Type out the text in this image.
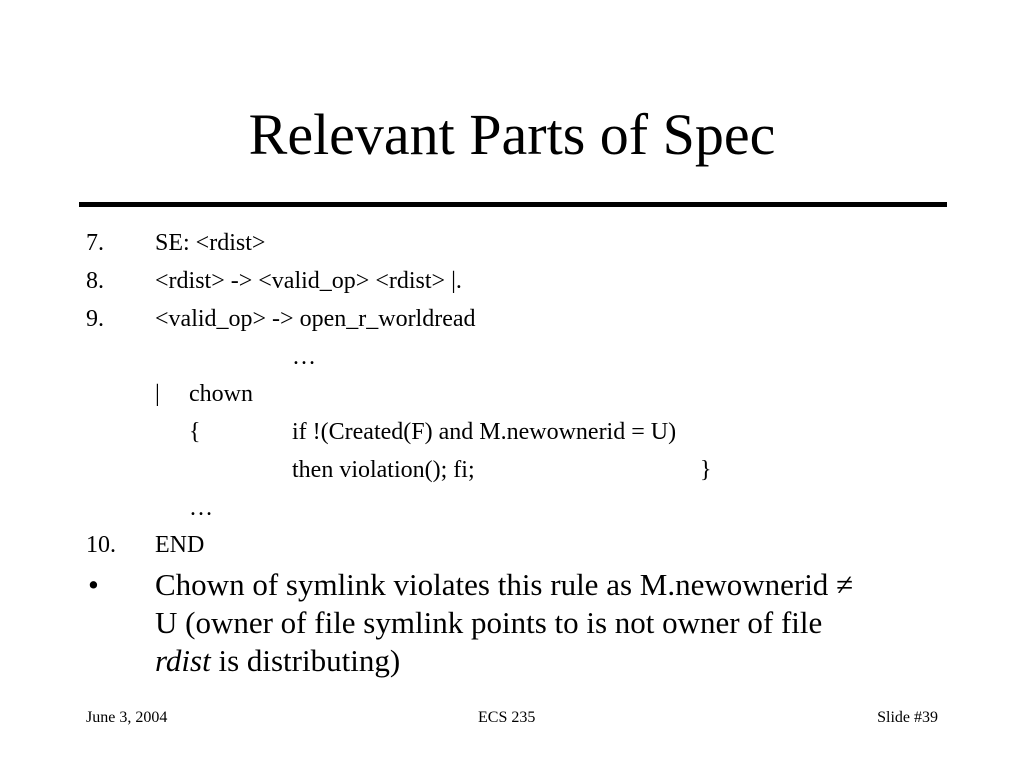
Relevant Parts of Spec
7. SE: <rdist>
8. <rdist> -> <valid_op> <rdist> |.
9. <valid_op> -> open_r_worldread
…
| chown
{	if !(Created(F) and M.newownerid = U)
then violation(); fi;	}
…
10. END
• Chown of symlink violates this rule as M.newownerid ≠
U (owner of file symlink points to is not owner of file
rdist is distributing)
June 3, 2004	ECS 235	Slide #39
